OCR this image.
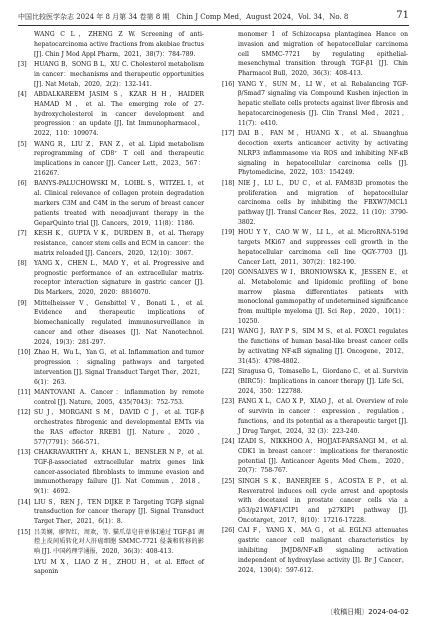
中国比较医学杂志 2024 年 8 月第 34 卷第 8 期　Chin J Comp Med，August 2024，Vol. 34，No. 8	71
WANG C L，ZHENG Z W. Screening of anti-hepatocarcinoma active fractions from akebiae fructus [J]. Chin J Mod Appl Pharm，2021，38(7)：784-789.
[3] HUANG B，SONG B L，XU C. Cholesterol metabolism in cancer：mechanisms and therapeutic opportunities [J]. Nat Metab，2020，2(2)：132-141.
[4] ABDALKAREEM JASIM S，KZAR H H，HAIDER HAMAD M，et al. The emerging role of 27-hydroxycholesterol in cancer development and progression：an update [J]. Int Immunopharmacol，2022，110：109074.
[5] WANG R，LIU Z，FAN Z，et al. Lipid metabolism reprogramming of CD8⁺ T cell and therapeutic implications in cancer [J]. Cancer Lett，2023，567：216267.
[6] BANYS-PALUCHOWSKI M，LOIBL S，WITZEL I，et al. Clinical relevance of collagen protein degradation markers C3M and C4M in the serum of breast cancer patients treated with neoadjuvant therapy in the GeparQuinto trial [J]. Cancers，2019，11(8)：1186.
[7] KESH K，GUPTA V K，DURDEN B，et al. Therapy resistance，cancer stem cells and ECM in cancer：the matrix reloaded [J]. Cancers，2020，12(10)：3067.
[8] YANG X，CHEN L，MAO Y，et al. Progressive and prognostic performance of an extracellular matrix-receptor interaction signature in gastric cancer [J]. Dis Markers，2020，2020：8816070.
[9] Mittelheisser V，Gensbittel V，Bonati L，et al. Evidence and therapeutic implications of biomechanically regulated immunosurveillance in cancer and other diseases [J]. Nat Nanotechnol. 2024，19(3)：281-297.
[10] Zhao H，Wu L，Yan G，et al. Inflammation and tumor progression：signaling pathways and targeted intervention [J]. Signal Transduct Target Ther，2021，6(1)：263.
[11] MANTOVANI A. Cancer：inflammation by remote control [J]. Nature，2005，435(7043)：752-753.
[12] SU J，MORGANI S M，DAVID C J，et al. TGF-β orchestrates fibrogenic and developmental EMTs via the RAS effector RREB1 [J]. Nature，2020，577(7791)：566-571.
[13] CHAKRAVARTHY A，KHAN L，BENSLER N P，et al. TGF-β-associated extracellular matrix genes link cancer-associated fibroblasts to immune evasion and immunotherapy failure [J]. Nat Commun，2018，9(1)：4692.
[14] LIU S，REN J，TEN DIJKE P. Targeting TGFβ signal transduction for cancer therapy [J]. Signal Transduct Target Ther，2021，6(1)：8.
[15] 吕美娴，廖智红，周欢，等. 猫爪草皂苷单体Ⅰ通过 TGF-β1 调控上皮间质转化对人肝癌细胞 SMMC-7721 侵袭和转移的影响 [J]. 中国药理学通报，2020，36(3)：408-413.
LYU M X，LIAO Z H，ZHOU H，et al. Effect of saponin
monomer Ⅰ of Schizocapsa plantaginea Hance on invasion and migration of hepatocellular carcinoma cell SMMC-7721 by regulating epithelial-mesenchymal transition through TGF-β1 [J]. Chin Pharmacol Bull，2020，36(3)：408-413.
[16] YANG Y，SUN M，LI W，et al. Rebalancing TGF-β/Smad7 signaling via Compound Kushen injection in hepatic stellate cells protects against liver fibrosis and hepatocarcinogenesis [J]. Clin Transl Med，2021，11(7)：e410.
[17] DAI B，FAN M，HUANG X，et al. Shuanghua decoction exerts anticancer activity by activating NLRP3 inflammasome via ROS and inhibiting NF-κB signaling in hepatocellular carcinoma cells [J]. Phytomedicine，2022，103：154249.
[18] NIE J，LU L，DU C，et al. FAM83D promotes the proliferation and migration of hepatocellular carcinoma cells by inhibiting the FBXW7/MCL1 pathway [J]. Transl Cancer Res，2022，11 (10)：3790-3802.
[19] HOU Y Y，CAO W W，LI L，et al. MicroRNA-519d targets MKi67 and suppresses cell growth in the hepatocellular carcinoma cell line QGY-7703 [J]. Cancer Lett，2011，307(2)：182-190.
[20] GONSALVES W I，BRONIOWSKA K，JESSEN E，et al. Metabolomic and lipidomic profiling of bone marrow plasma differentiates patients with monoclonal gammopathy of undetermined significance from multiple myeloma [J]. Sci Rep，2020，10(1)：10250.
[21] WANG J，RAY P S，SIM M S，et al. FOXC1 regulates the functions of human basal-like breast cancer cells by activating NF-κB signaling [J]. Oncogene，2012，31(45)：4798-4802.
[22] Siragusa G，Tomasello L，Giordano C，et al. Survivin (BIRC5)：Implications in cancer therapy [J]. Life Sci，2024，350：122788.
[23] FANG X L，CAO X P，XIAO J，et al. Overview of role of survivin in cancer：expression，regulation，functions，and its potential as a therapeutic target [J]. J Drug Target，2024，32 (3)：223-240.
[24] IZADI S，NIKKHOO A，HOJJAT-FARSANGI M，et al. CDK1 in breast cancer：implications for theranostic potential [J]. Anticancer Agents Med Chem，2020，20(7)：758-767.
[25] SINGH S K，BANERJEE S，ACOSTA E P，et al. Resveratrol induces cell cycle arrest and apoptosis with docetaxel in prostate cancer cells via a p53/p21WAF1/CIP1 and p27KIP1 pathway [J]. Oncotarget，2017，8(10)：17216-17228.
[26] CAI F，YANG X，MA G，et al. EGLN3 attenuates gastric cancer cell malignant characteristics by inhibiting JMJD8/NF-κB signaling activation independent of hydroxylase activity [J]. Br J Cancer，2024，130(4)：597-612.
〔收稿日期〕2024-04-02
